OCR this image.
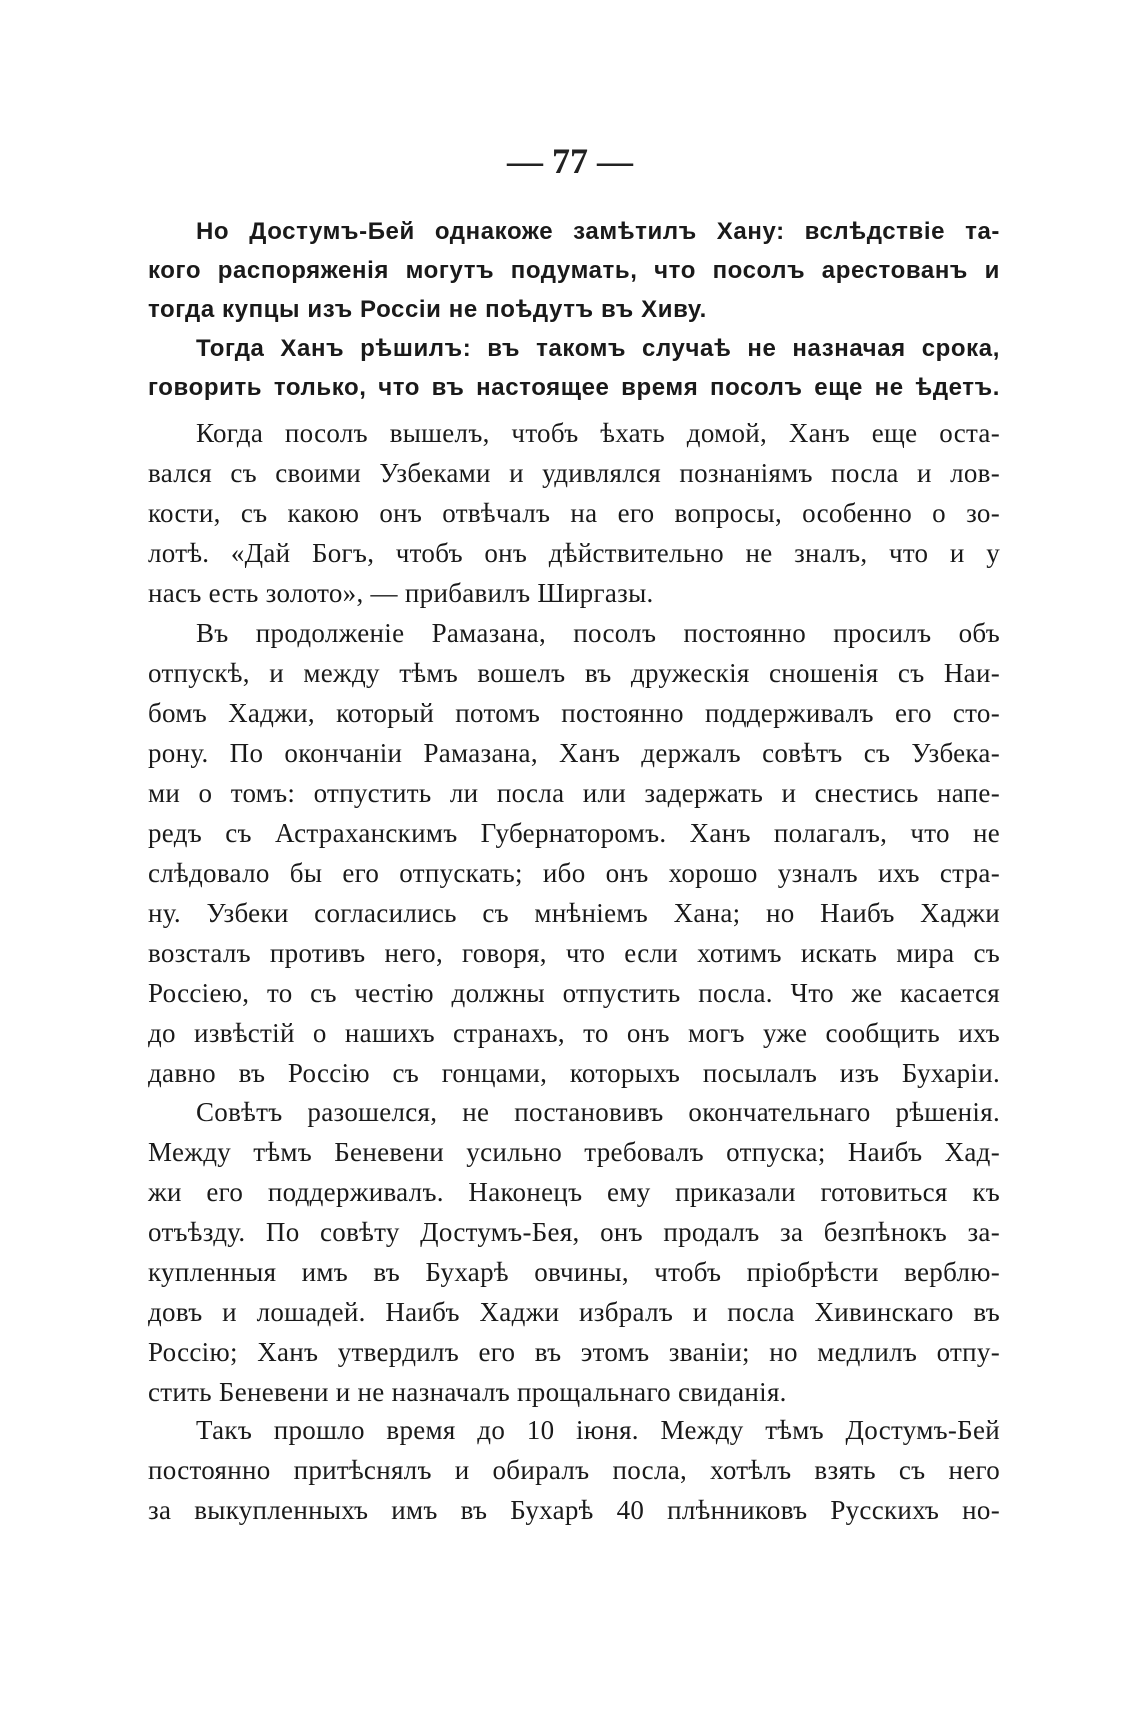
— 77 —
Но Достумъ-Бей однакоже замѣтилъ Хану: вслѣдствіе та-
кого распоряженія могутъ подумать, что посолъ арестованъ и
тогда купцы изъ Россіи не поѣдутъ въ Хиву.
Тогда Ханъ рѣшилъ: въ такомъ случаѣ не назначая срока,
говорить только, что въ настоящее время посолъ еще не ѣдетъ.
Когда посолъ вышелъ, чтобъ ѣхать домой, Ханъ еще оста-
вался съ своими Узбеками и удивлялся познаніямъ посла и лов-
кости, съ какою онъ отвѣчалъ на его вопросы, особенно о зо-
лотѣ. «Дай Богъ, чтобъ онъ дѣйствительно не зналъ, что и у
насъ есть золото», — прибавилъ Ширгазы.
Въ продолженіе Рамазана, посолъ постоянно просилъ объ
отпускѣ, и между тѣмъ вошелъ въ дружескія сношенія съ Наи-
бомъ Хаджи, который потомъ постоянно поддерживалъ его сто-
рону. По окончаніи Рамазана, Ханъ держалъ совѣтъ съ Узбека-
ми о томъ: отпустить ли посла или задержать и снестись напе-
редъ съ Астраханскимъ Губернаторомъ. Ханъ полагалъ, что не
слѣдовало бы его отпускать; ибо онъ хорошо узналъ ихъ стра-
ну. Узбеки согласились съ мнѣніемъ Хана; но Наибъ Хаджи
возсталъ противъ него, говоря, что если хотимъ искать мира съ
Россіею, то съ честію должны отпустить посла. Что же касается
до извѣстій о нашихъ странахъ, то онъ могъ уже сообщить ихъ
давно въ Россію съ гонцами, которыхъ посылалъ изъ Бухаріи.
Совѣтъ разошелся, не постановивъ окончательнаго рѣшенія.
Между тѣмъ Беневени усильно требовалъ отпуска; Наибъ Хад-
жи его поддерживалъ. Наконецъ ему приказали готовиться къ
отъѣзду. По совѣту Достумъ-Бея, онъ продалъ за безпѣнокъ за-
купленныя имъ въ Бухарѣ овчины, чтобъ пріобрѣсти верблю-
довъ и лошадей. Наибъ Хаджи избралъ и посла Хивинскаго въ
Россію; Ханъ утвердилъ его въ этомъ званіи; но медлилъ отпу-
стить Беневени и не назначалъ прощальнаго свиданія.
Такъ прошло время до 10 іюня. Между тѣмъ Достумъ-Бей
постоянно притѣснялъ и обиралъ посла, хотѣлъ взять съ него
за выкупленныхъ имъ въ Бухарѣ 40 плѣнниковъ Русскихъ но-
